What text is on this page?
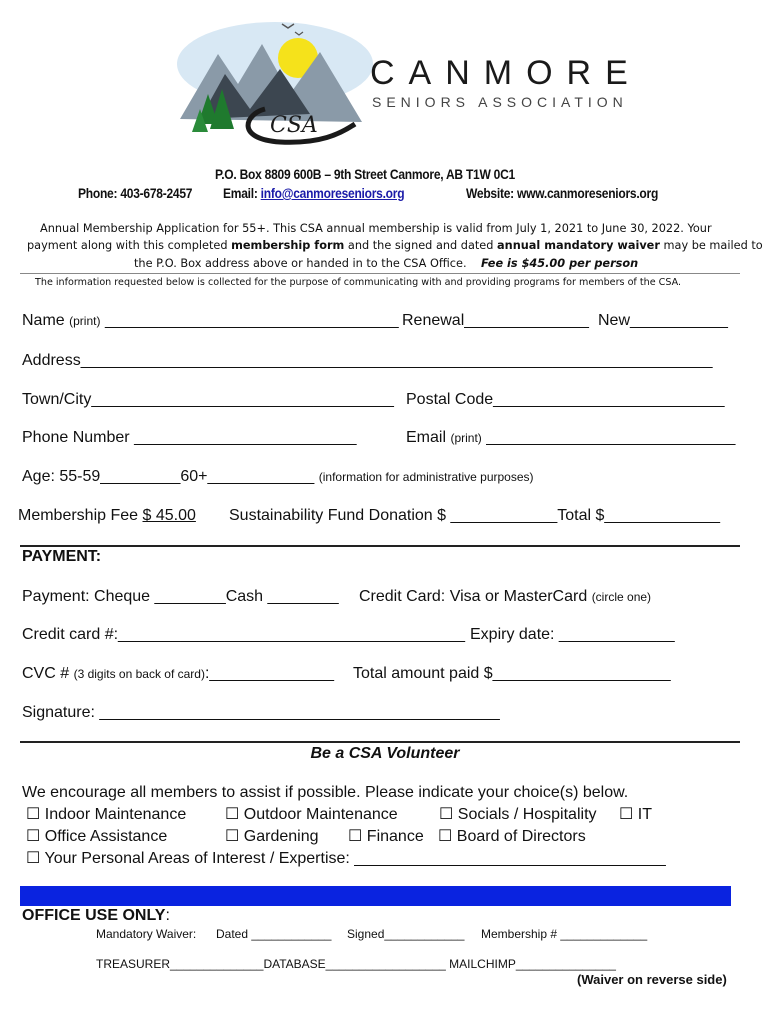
CSA
CANMORE
SENIORS ASSOCIATION
P.O. Box 8809 600B – 9th Street Canmore, AB T1W 0C1
Phone: 403-678-2457 Email: info@canmoreseniors.org	Website: www.canmoreseniors.org
Annual Membership Application for 55+. This CSA annual membership is valid from July 1, 2021 to June 30, 2022. Your
payment along with this completed membership form and the signed and dated annual mandatory waiver may be mailed to
the P.O. Box address above or handed in to the CSA Office. Fee is $45.00 per person
The information requested below is collected for the purpose of communicating with and providing programs for members of the CSA.
Name (print) _________________________________ Renewal______________ New___________
Address_______________________________________________________________________
Town/City__________________________________ Postal Code__________________________
Phone Number _________________________	Email (print) ____________________________
Age: 55-59_________60+____________ (information for administrative purposes)
Membership Fee $ 45.00 Sustainability Fund Donation $ ____________Total $_____________
PAYMENT:
Payment: Cheque ________Cash ________ Credit Card: Visa or MasterCard (circle one)
Credit card #:_______________________________________ Expiry date: _____________
CVC # (3 digits on back of card):______________ Total amount paid $____________________
Signature: _____________________________________________
Be a CSA Volunteer
We encourage all members to assist if possible. Please indicate your choice(s) below.
☐ Indoor Maintenance ☐ Outdoor Maintenance	☐ Socials / Hospitality ☐ IT
☐ Office Assistance	☐ Gardening ☐ Finance ☐ Board of Directors
☐ Your Personal Areas of Interest / Expertise: ___________________________________
OFFICE USE ONLY:
Mandatory Waiver: Dated ____________ Signed____________ Membership # _____________
TREASURER______________DATABASE__________________ MAILCHIMP_______________
(Waiver on reverse side)
